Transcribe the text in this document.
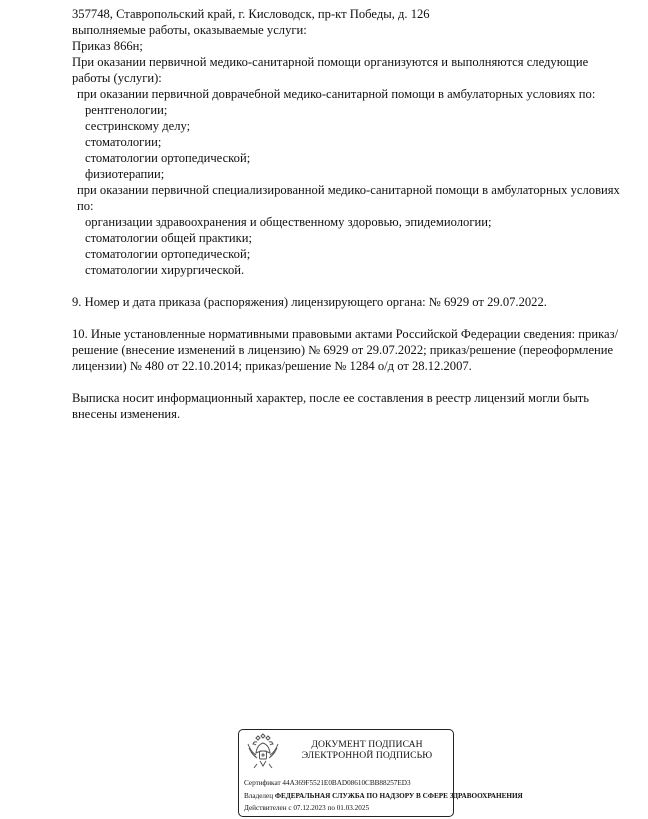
357748, Ставропольский край, г. Кисловодск, пр-кт Победы, д. 126
выполняемые работы, оказываемые услуги:
Приказ 866н;
При оказании первичной медико-санитарной помощи организуются и выполняются следующие работы (услуги):
при оказании первичной доврачебной медико-санитарной помощи в амбулаторных условиях по:
рентгенологии;
сестринскому делу;
стоматологии;
стоматологии ортопедической;
физиотерапии;
при оказании первичной специализированной медико-санитарной помощи в амбулаторных условиях по:
организации здравоохранения и общественному здоровью, эпидемиологии;
стоматологии общей практики;
стоматологии ортопедической;
стоматологии хирургической.
9. Номер и дата приказа (распоряжения) лицензирующего органа: № 6929 от 29.07.2022.
10. Иные установленные нормативными правовыми актами Российской Федерации сведения: приказ/решение (внесение изменений в лицензию) № 6929 от 29.07.2022; приказ/решение (переоформление лицензии) № 480 от 22.10.2014; приказ/решение № 1284 о/д от 28.12.2007.
Выписка носит информационный характер, после ее составления в реестр лицензий могли быть внесены изменения.
ДОКУМЕНТ ПОДПИСАН
ЭЛЕКТРОННОЙ ПОДПИСЬЮ
Сертификат 44A369F5521E0BAD08610CBB88257ED3
Владелец ФЕДЕРАЛЬНАЯ СЛУЖБА ПО НАДЗОРУ В СФЕРЕ ЗДРАВООХРАНЕНИЯ
Действителен с 07.12.2023 по 01.03.2025
